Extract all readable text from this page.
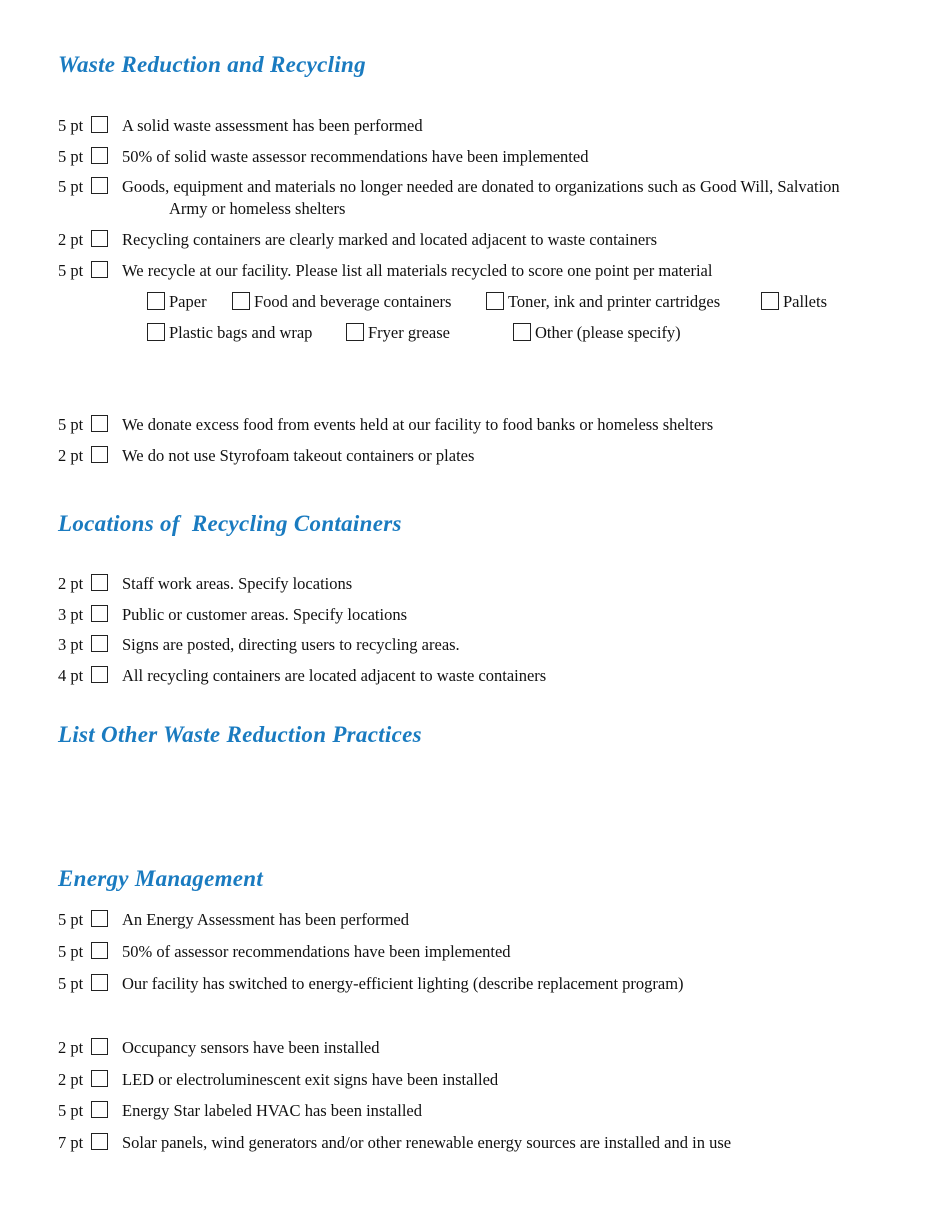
Waste Reduction and Recycling
5 pt A solid waste assessment has been performed
5 pt 50% of solid waste assessor recommendations have been implemented
5 pt Goods, equipment and materials no longer needed are donated to organizations such as Good Will, Salvation
Army or homeless shelters
2 pt Recycling containers are clearly marked and located adjacent to waste containers
5 pt We recycle at our facility. Please list all materials recycled to score one point per material
Paper	Food and beverage containers	Toner, ink and printer cartridges	Pallets
Plastic bags and wrap	Fryer grease	Other (please specify)
5 pt We donate excess food from events held at our facility to food banks or homeless shelters
2 pt We do not use Styrofoam takeout containers or plates
Locations of  Recycling Containers
2 pt Staff work areas. Specify locations
3 pt Public or customer areas. Specify locations
3 pt Signs are posted, directing users to recycling areas.
4 pt All recycling containers are located adjacent to waste containers
List Other Waste Reduction Practices
Energy Management
5 pt An Energy Assessment has been performed
5 pt 50% of assessor recommendations have been implemented
5 pt Our facility has switched to energy-efficient lighting (describe replacement program)
2 pt Occupancy sensors have been installed
2 pt LED or electroluminescent exit signs have been installed
5 pt Energy Star labeled HVAC has been installed
7 pt Solar panels, wind generators and/or other renewable energy sources are installed and in use
